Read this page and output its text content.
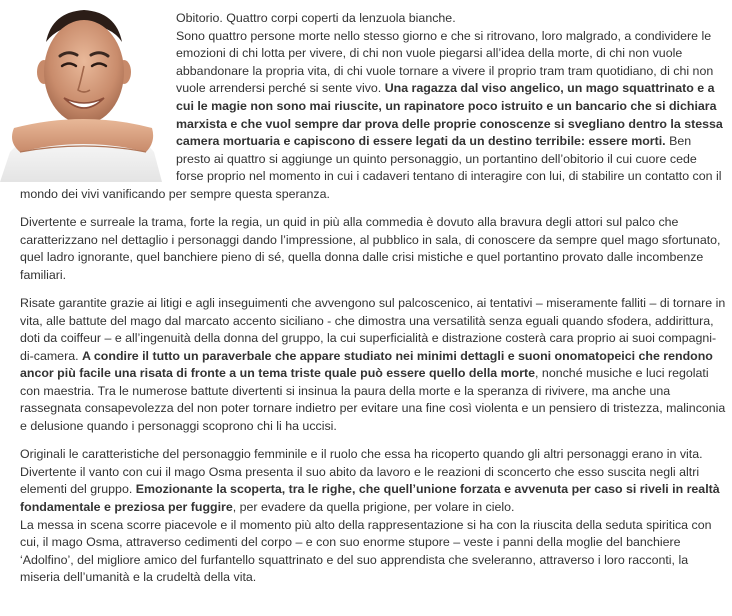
Obitorio. Quattro corpi coperti da lenzuola bianche.
Sono quattro persone morte nello stesso giorno e che si ritrovano, loro malgrado, a condividere le emozioni di chi lotta per vivere, di chi non vuole piegarsi all’idea della morte, di chi non vuole abbandonare la propria vita, di chi vuole tornare a vivere il proprio tram tram quotidiano, di chi non vuole arrendersi perché si sente vivo. Una ragazza dal viso angelico, un mago squattrinato e a cui le magie non sono mai riuscite, un rapinatore poco istruito e un bancario che si dichiara marxista e che vuol sempre dar prova delle proprie conoscenze si svegliano dentro la stessa camera mortuaria e capiscono di essere legati da un destino terribile: essere morti. Ben presto ai quattro si aggiunge un quinto personaggio, un portantino dell’obitorio il cui cuore cede forse proprio nel momento in cui i cadaveri tentano di interagire con lui, di stabilire un contatto con il mondo dei vivi vanificando per sempre questa speranza.

Divertente e surreale la trama, forte la regia, un quid in più alla commedia è dovuto alla bravura degli attori sul palco che caratterizzano nel dettaglio i personaggi dando l’impressione, al pubblico in sala, di conoscere da sempre quel mago sfortunato, quel ladro ignorante, quel banchiere pieno di sé, quella donna dalle crisi mistiche e quel portantino provato dalle incombenze familiari.

Risate garantite grazie ai litigi e agli inseguimenti che avvengono sul palcoscenico, ai tentativi – miseramente falliti – di tornare in vita, alle battute del mago dal marcato accento siciliano - che dimostra una versatilità senza eguali quando sfodera, addirittura, doti da coiffeur – e all’ingenuità della donna del gruppo, la cui superficialità e distrazione costerà cara proprio ai suoi compagni-di-camera. A condire il tutto un paraverbale che appare studiato nei minimi dettagli e suoni onomatopeici che rendono ancor più facile una risata di fronte a un tema triste quale può essere quello della morte, nonché musiche e luci regolati con maestria. Tra le numerose battute divertenti si insinua la paura della morte e la speranza di rivivere, ma anche una rassegnata consapevolezza del non poter tornare indietro per evitare una fine così violenta e un pensiero di tristezza, malinconia e delusione quando i personaggi scoprono chi li ha uccisi.

Originali le caratteristiche del personaggio femminile e il ruolo che essa ha ricoperto quando gli altri personaggi erano in vita. Divertente il vanto con cui il mago Osma presenta il suo abito da lavoro e le reazioni di sconcerto che esso suscita negli altri elementi del gruppo. Emozionante la scoperta, tra le righe, che quell’unione forzata e avvenuta per caso si riveli in realtà fondamentale e preziosa per fuggire, per evadere da quella prigione, per volare in cielo.
La messa in scena scorre piacevole e il momento più alto della rappresentazione si ha con la riuscita della seduta spiritica con cui, il mago Osma, attraverso cedimenti del corpo – e con suo enorme stupore – veste i panni della moglie del banchiere ‘Adolfino’, del migliore amico del furfantello squattrinato e del suo apprendista che sveleranno, attraverso i loro racconti, la miseria dell’umanità e la crudeltà della vita.
